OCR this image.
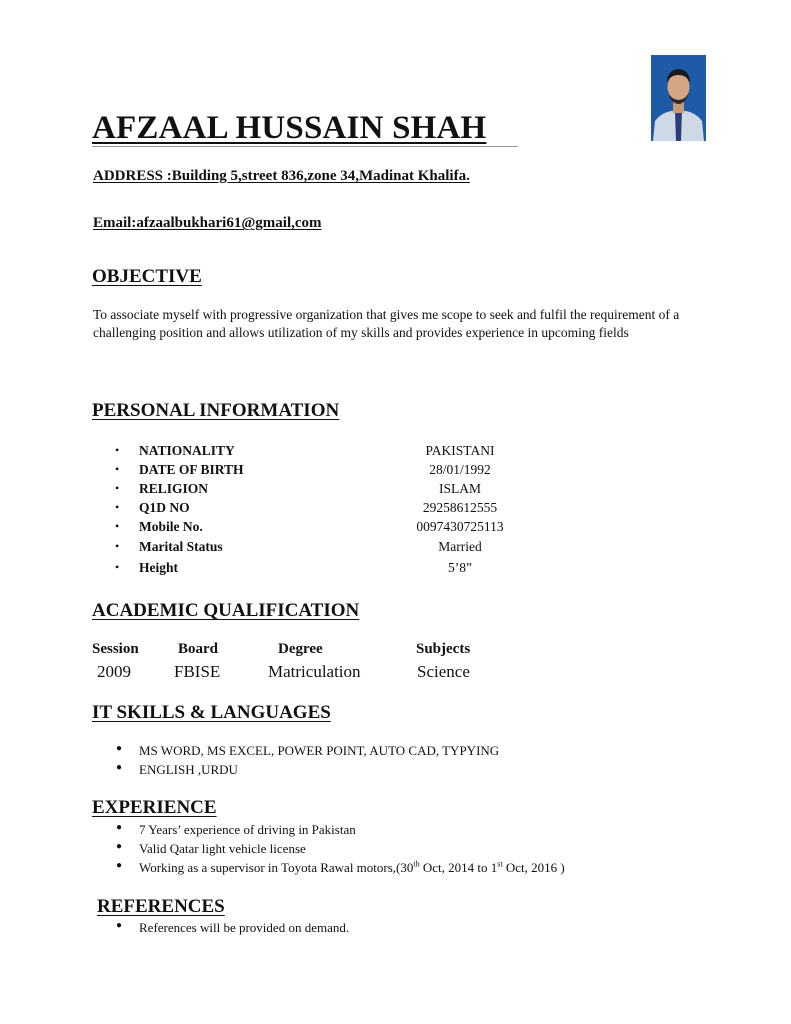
AFZAAL HUSSAIN SHAH
ADDRESS :Building 5,street 836,zone 34,Madinat Khalifa.
Email:afzaalbukhari61@gmail,com
OBJECTIVE
To associate myself with progressive organization that gives me scope to seek and fulfil the requirement of a challenging position and allows utilization of my skills and provides experience in upcoming fields
PERSONAL INFORMATION
• NATIONALITY	PAKISTANI
• DATE OF BIRTH	28/01/1992
• RELIGION	ISLAM
• Q1D NO	29258612555
• Mobile No.	0097430725113
• Marital Status	Married
• Height	5’8”
ACADEMIC QUALIFICATION
Session	Board	Degree	Subjects
2009	FBISE	Matriculation	Science
IT SKILLS & LANGUAGES
● MS WORD, MS EXCEL, POWER POINT, AUTO CAD, TYPYING
● ENGLISH ,URDU
EXPERIENCE
● 7 Years’ experience of driving in Pakistan
● Valid Qatar light vehicle license
● Working as a supervisor in Toyota Rawal motors,(30th Oct, 2014 to 1st Oct, 2016 )
REFERENCES
● References will be provided on demand.
